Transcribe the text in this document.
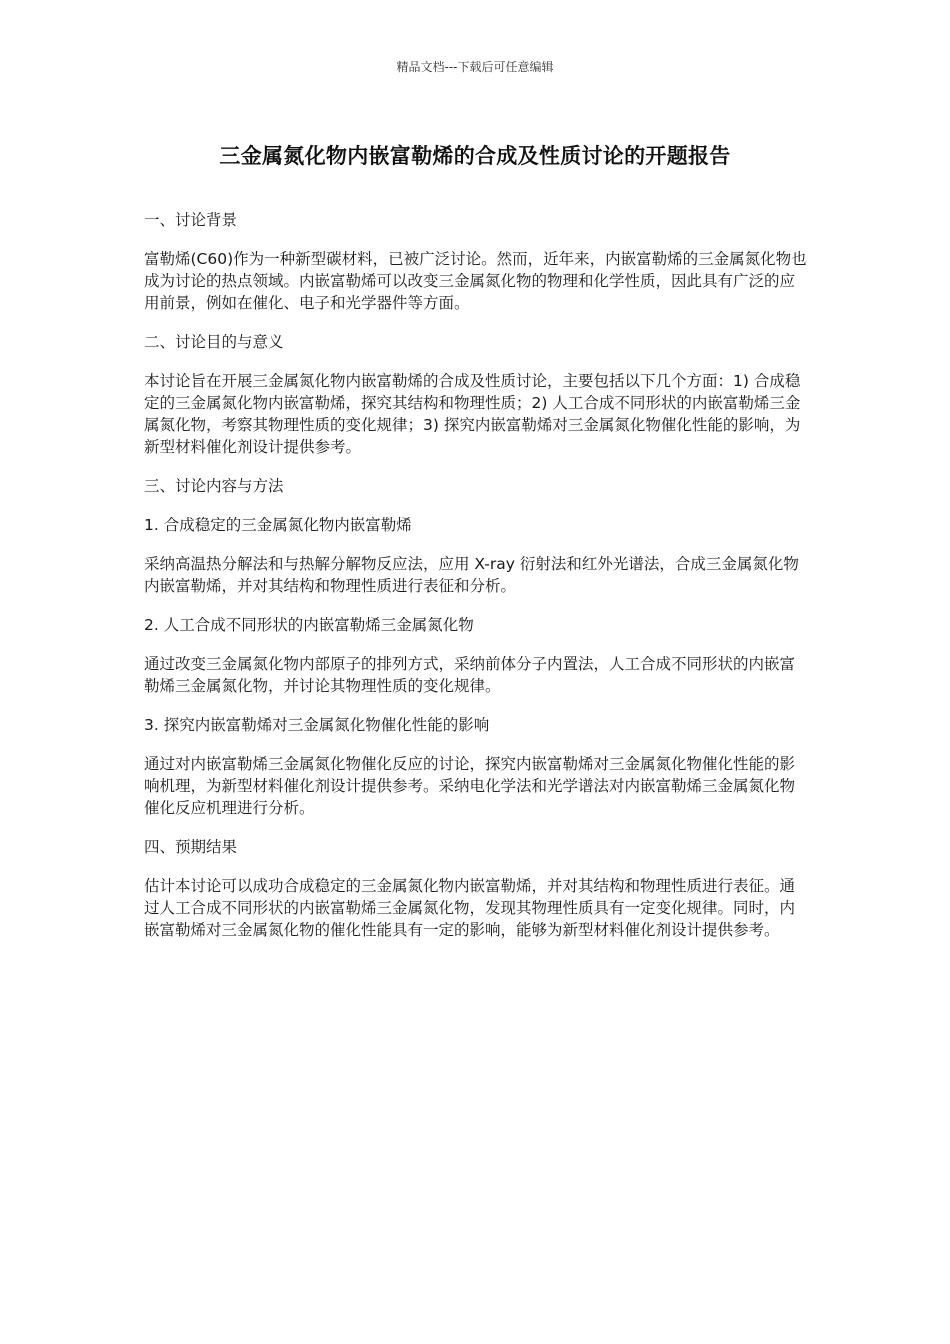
精品文档---下载后可任意编辑
三金属氮化物内嵌富勒烯的合成及性质讨论的开题报告

一、讨论背景

富勒烯(C60)作为一种新型碳材料，已被广泛讨论。然而，近年来，内嵌富勒烯的三金属氮化物也成为讨论的热点领域。内嵌富勒烯可以改变三金属氮化物的物理和化学性质，因此具有广泛的应用前景，例如在催化、电子和光学器件等方面。

二、讨论目的与意义

本讨论旨在开展三金属氮化物内嵌富勒烯的合成及性质讨论，主要包括以下几个方面：1) 合成稳定的三金属氮化物内嵌富勒烯，探究其结构和物理性质；2) 人工合成不同形状的内嵌富勒烯三金属氮化物，考察其物理性质的变化规律；3) 探究内嵌富勒烯对三金属氮化物催化性能的影响，为新型材料催化剂设计提供参考。

三、讨论内容与方法

1. 合成稳定的三金属氮化物内嵌富勒烯

采纳高温热分解法和与热解分解物反应法，应用 X-ray 衍射法和红外光谱法，合成三金属氮化物内嵌富勒烯，并对其结构和物理性质进行表征和分析。

2. 人工合成不同形状的内嵌富勒烯三金属氮化物

通过改变三金属氮化物内部原子的排列方式，采纳前体分子内置法，人工合成不同形状的内嵌富勒烯三金属氮化物，并讨论其物理性质的变化规律。

3. 探究内嵌富勒烯对三金属氮化物催化性能的影响

通过对内嵌富勒烯三金属氮化物催化反应的讨论，探究内嵌富勒烯对三金属氮化物催化性能的影响机理，为新型材料催化剂设计提供参考。采纳电化学法和光学谱法对内嵌富勒烯三金属氮化物催化反应机理进行分析。

四、预期结果

估计本讨论可以成功合成稳定的三金属氮化物内嵌富勒烯，并对其结构和物理性质进行表征。通过人工合成不同形状的内嵌富勒烯三金属氮化物，发现其物理性质具有一定变化规律。同时，内嵌富勒烯对三金属氮化物的催化性能具有一定的影响，能够为新型材料催化剂设计提供参考。
